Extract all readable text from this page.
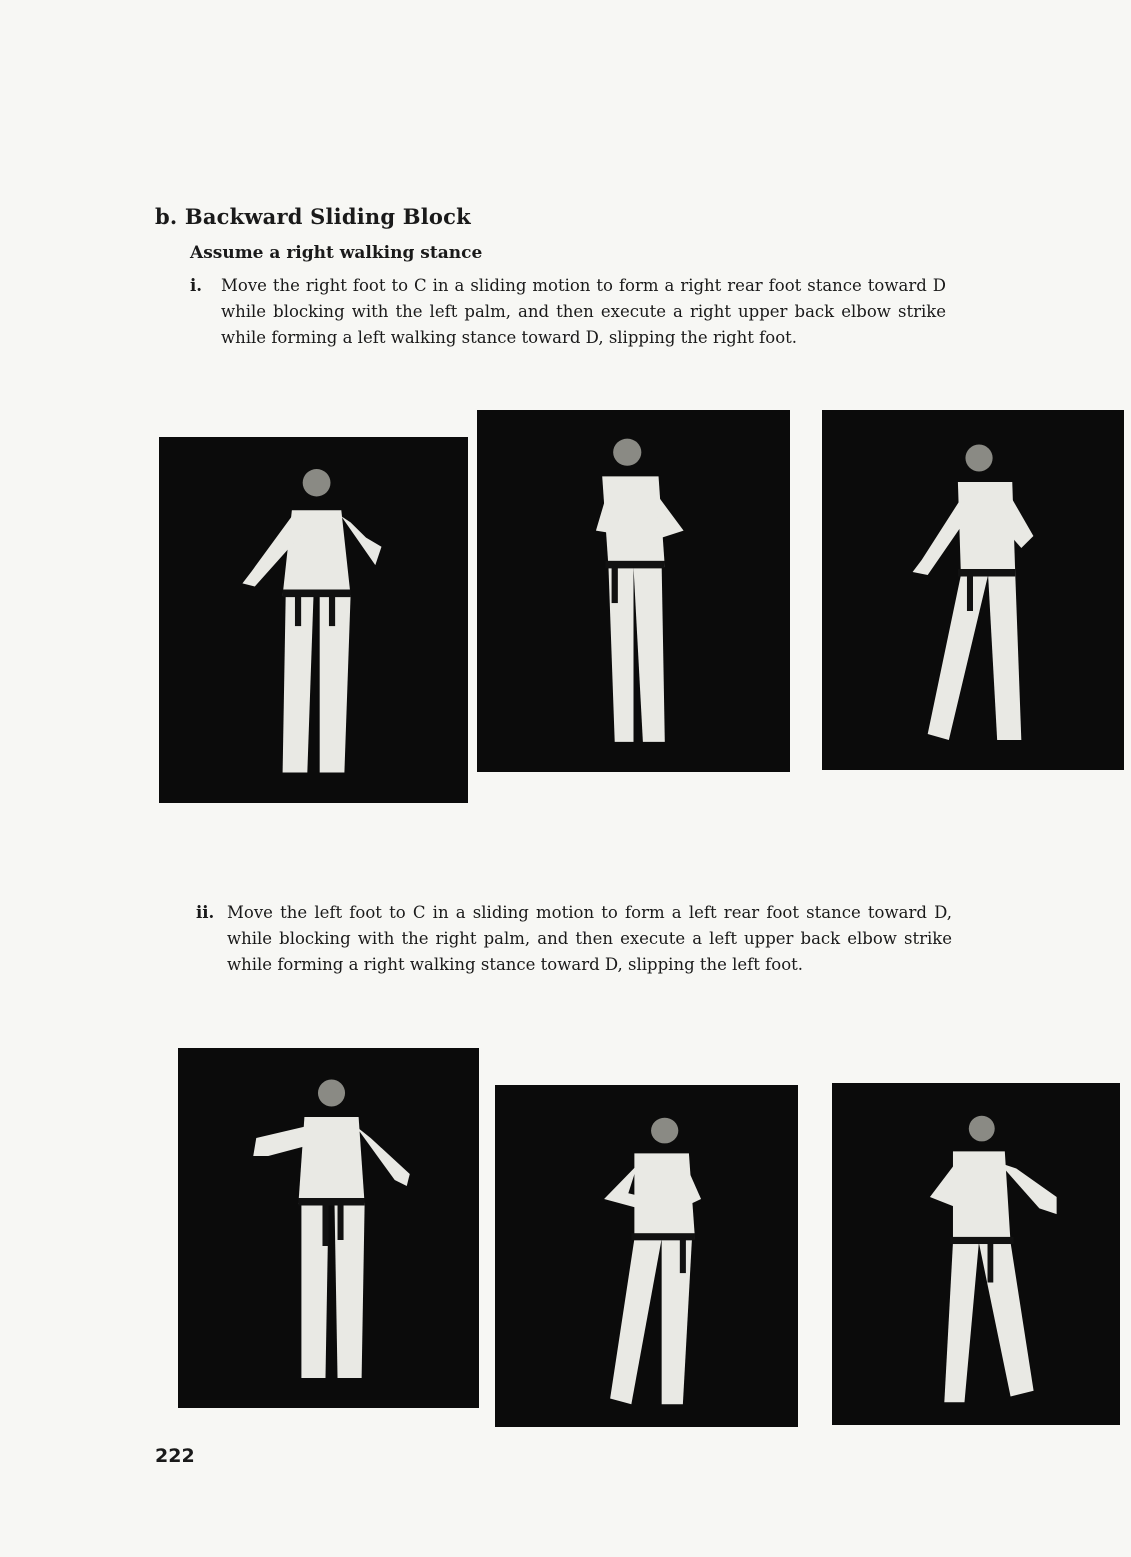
b. Backward Sliding Block
Assume a right walking stance
i. Move the right foot to C in a sliding motion to form a right rear foot stance toward D while blocking with the left palm, and then execute a right upper back elbow strike while forming a left walking stance toward D, slipping the right foot.
ii. Move the left foot to C in a sliding motion to form a left rear foot stance toward D, while blocking with the right palm, and then execute a left upper back elbow strike while forming a right walking stance toward D, slipping the left foot.
222
